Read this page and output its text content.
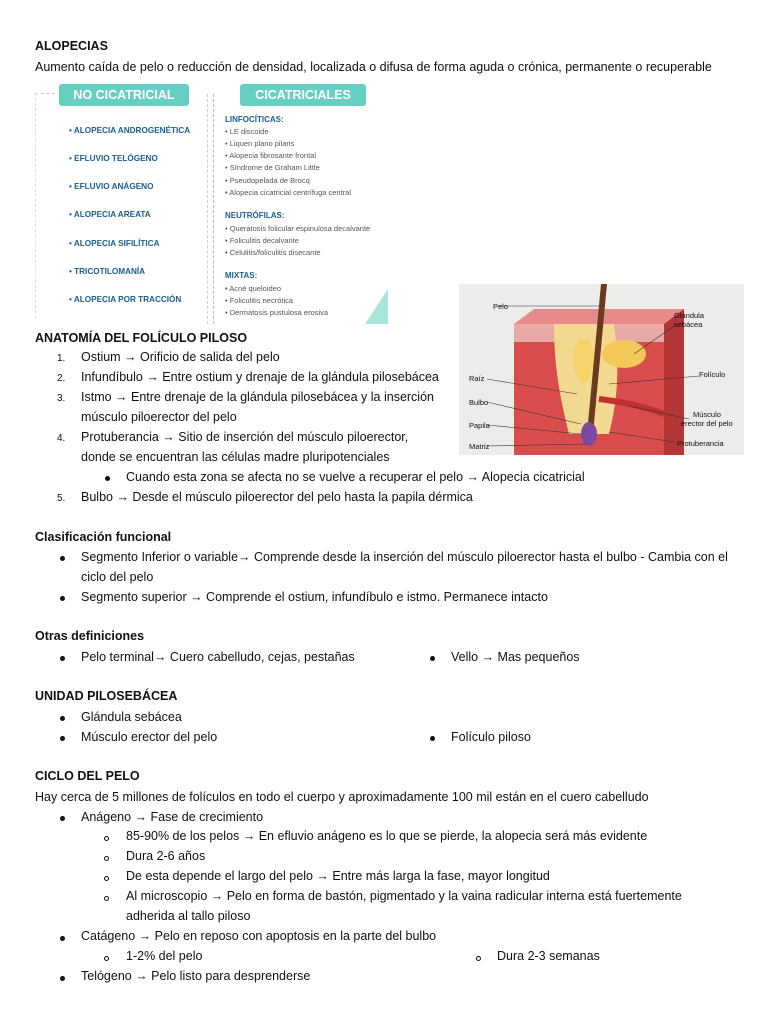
ALOPECIAS
Aumento caída de pelo o reducción de densidad, localizada o difusa de forma aguda o crónica, permanente o recuperable
NO CICATRICIAL	CICATRICIALES
• ALOPECIA ANDROGENÉTICA
• EFLUVIO TELÓGENO
• EFLUVIO ANÁGENO
• ALOPECIA AREATA
• ALOPECIA SIFILÍTICA
• TRICOTILOMANÍA
• ALOPECIA POR TRACCIÓN
LINFOCÍTICAS:
• LE discoide
• Liquen plano pilaris
• Alopecia fibrosante frontal
• Síndrome de Graham Little
• Pseudopelada de Brocq
• Alopecia cicatricial centrífuga central
NEUTRÓFILAS:
• Queratosis folicular espinulosa decalvante
• Foliculitis decalvante
• Celulitis/foliculitis disecante
MIXTAS:
• Acné queloideo
• Foliculitis necrótica
• Dermatosis pustulosa erosiva
Pelo
Glándula
sebácea
Folículo
Raíz
Bulbo
Papila
Matriz
Músculo
erector del pelo
Protuberancia
ANATOMÍA DEL FOLÍCULO PILOSO
1. Ostium → Orificio de salida del pelo
2. Infundíbulo → Entre ostium y drenaje de la glándula pilosebácea
3. Istmo → Entre drenaje de la glándula pilosebácea y la inserción
músculo piloerector del pelo
4. Protuberancia → Sitio de inserción del músculo piloerector,
donde se encuentran las células madre pluripotenciales
Cuando esta zona se afecta no se vuelve a recuperar el pelo → Alopecia cicatricial
5. Bulbo → Desde el músculo piloerector del pelo hasta la papila dérmica
Clasificación funcional
Segmento Inferior o variable→ Comprende desde la inserción del músculo piloerector hasta el bulbo - Cambia con el
ciclo del pelo
Segmento superior → Comprende el ostium, infundíbulo e istmo. Permanece intacto
Otras definiciones
Pelo terminal→ Cuero cabelludo, cejas, pestañas	Vello → Mas pequeños
UNIDAD PILOSEBÁCEA
Glándula sebácea
Músculo erector del pelo	Folículo piloso
CICLO DEL PELO
Hay cerca de 5 millones de folículos en todo el cuerpo y aproximadamente 100 mil están en el cuero cabelludo
Anágeno → Fase de crecimiento
85-90% de los pelos → En efluvio anágeno es lo que se pierde, la alopecia será más evidente
Dura 2-6 años
De esta depende el largo del pelo → Entre más larga la fase, mayor longitud
Al microscopio → Pelo en forma de bastón, pigmentado y la vaina radicular interna está fuertemente
adherida al tallo piloso
Catágeno → Pelo en reposo con apoptosis en la parte del bulbo
1-2% del pelo	Dura 2-3 semanas
Telógeno → Pelo listo para desprenderse
